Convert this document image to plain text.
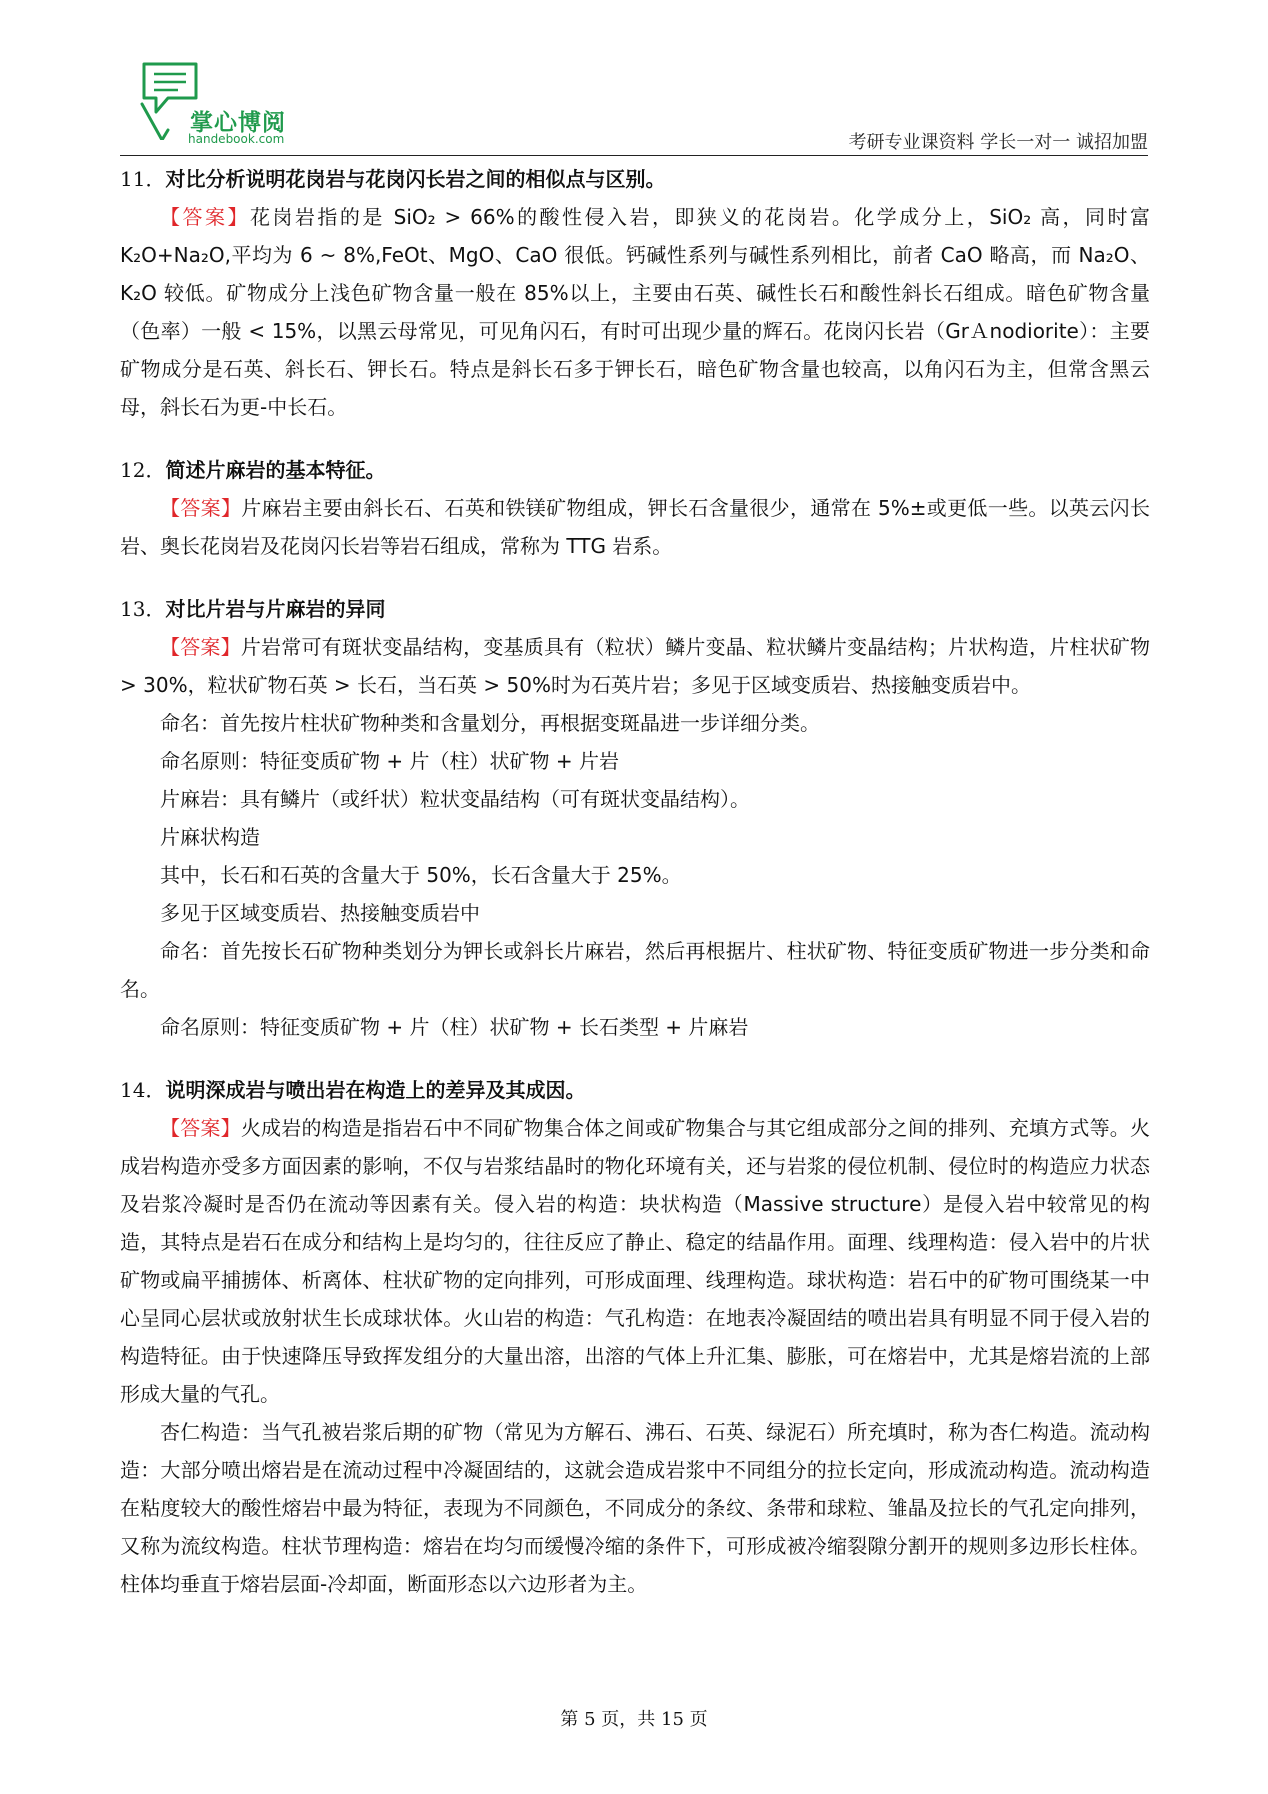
掌心博阅
handebook.com	考研专业课资料 学长一对一 诚招加盟

11．对比分析说明花岗岩与花岗闪长岩之间的相似点与区别。

【答案】花岗岩指的是 SiO₂ > 66%的酸性侵入岩，即狭义的花岗岩。化学成分上，SiO₂ 高，同时富 K₂O+Na₂O,平均为 6 ~ 8%,FeOt、MgO、CaO 很低。钙碱性系列与碱性系列相比，前者 CaO 略高，而 Na₂O、K₂O 较低。矿物成分上浅色矿物含量一般在 85%以上，主要由石英、碱性长石和酸性斜长石组成。暗色矿物含量（色率）一般 < 15%，以黑云母常见，可见角闪石，有时可出现少量的辉石。花岗闪长岩（GrＡnodiorite）：主要矿物成分是石英、斜长石、钾长石。特点是斜长石多于钾长石，暗色矿物含量也较高，以角闪石为主，但常含黑云母，斜长石为更-中长石。

12．简述片麻岩的基本特征。

【答案】片麻岩主要由斜长石、石英和铁镁矿物组成，钾长石含量很少，通常在 5%±或更低一些。以英云闪长岩、奥长花岗岩及花岗闪长岩等岩石组成，常称为 TTG 岩系。

13．对比片岩与片麻岩的异同

【答案】片岩常可有斑状变晶结构，变基质具有（粒状）鳞片变晶、粒状鳞片变晶结构；片状构造，片柱状矿物 > 30%，粒状矿物石英 > 长石，当石英 > 50%时为石英片岩；多见于区域变质岩、热接触变质岩中。

命名：首先按片柱状矿物种类和含量划分，再根据变斑晶进一步详细分类。

命名原则：特征变质矿物 + 片（柱）状矿物 + 片岩

片麻岩：具有鳞片（或纤状）粒状变晶结构（可有斑状变晶结构）。

片麻状构造

其中，长石和石英的含量大于 50%，长石含量大于 25%。

多见于区域变质岩、热接触变质岩中

命名：首先按长石矿物种类划分为钾长或斜长片麻岩，然后再根据片、柱状矿物、特征变质矿物进一步分类和命名。

命名原则：特征变质矿物 + 片（柱）状矿物 + 长石类型 + 片麻岩

14．说明深成岩与喷出岩在构造上的差异及其成因。

【答案】火成岩的构造是指岩石中不同矿物集合体之间或矿物集合与其它组成部分之间的排列、充填方式等。火成岩构造亦受多方面因素的影响，不仅与岩浆结晶时的物化环境有关，还与岩浆的侵位机制、侵位时的构造应力状态及岩浆冷凝时是否仍在流动等因素有关。侵入岩的构造：块状构造（Massive structure）是侵入岩中较常见的构造，其特点是岩石在成分和结构上是均匀的，往往反应了静止、稳定的结晶作用。面理、线理构造：侵入岩中的片状矿物或扁平捕掳体、析离体、柱状矿物的定向排列，可形成面理、线理构造。球状构造：岩石中的矿物可围绕某一中心呈同心层状或放射状生长成球状体。火山岩的构造：气孔构造：在地表冷凝固结的喷出岩具有明显不同于侵入岩的构造特征。由于快速降压导致挥发组分的大量出溶，出溶的气体上升汇集、膨胀，可在熔岩中，尤其是熔岩流的上部形成大量的气孔。

杏仁构造：当气孔被岩浆后期的矿物（常见为方解石、沸石、石英、绿泥石）所充填时，称为杏仁构造。流动构造：大部分喷出熔岩是在流动过程中冷凝固结的，这就会造成岩浆中不同组分的拉长定向，形成流动构造。流动构造在粘度较大的酸性熔岩中最为特征，表现为不同颜色，不同成分的条纹、条带和球粒、雏晶及拉长的气孔定向排列，又称为流纹构造。柱状节理构造：熔岩在均匀而缓慢冷缩的条件下，可形成被冷缩裂隙分割开的规则多边形长柱体。柱体均垂直于熔岩层面-冷却面，断面形态以六边形者为主。

第 5 页，共 15 页
